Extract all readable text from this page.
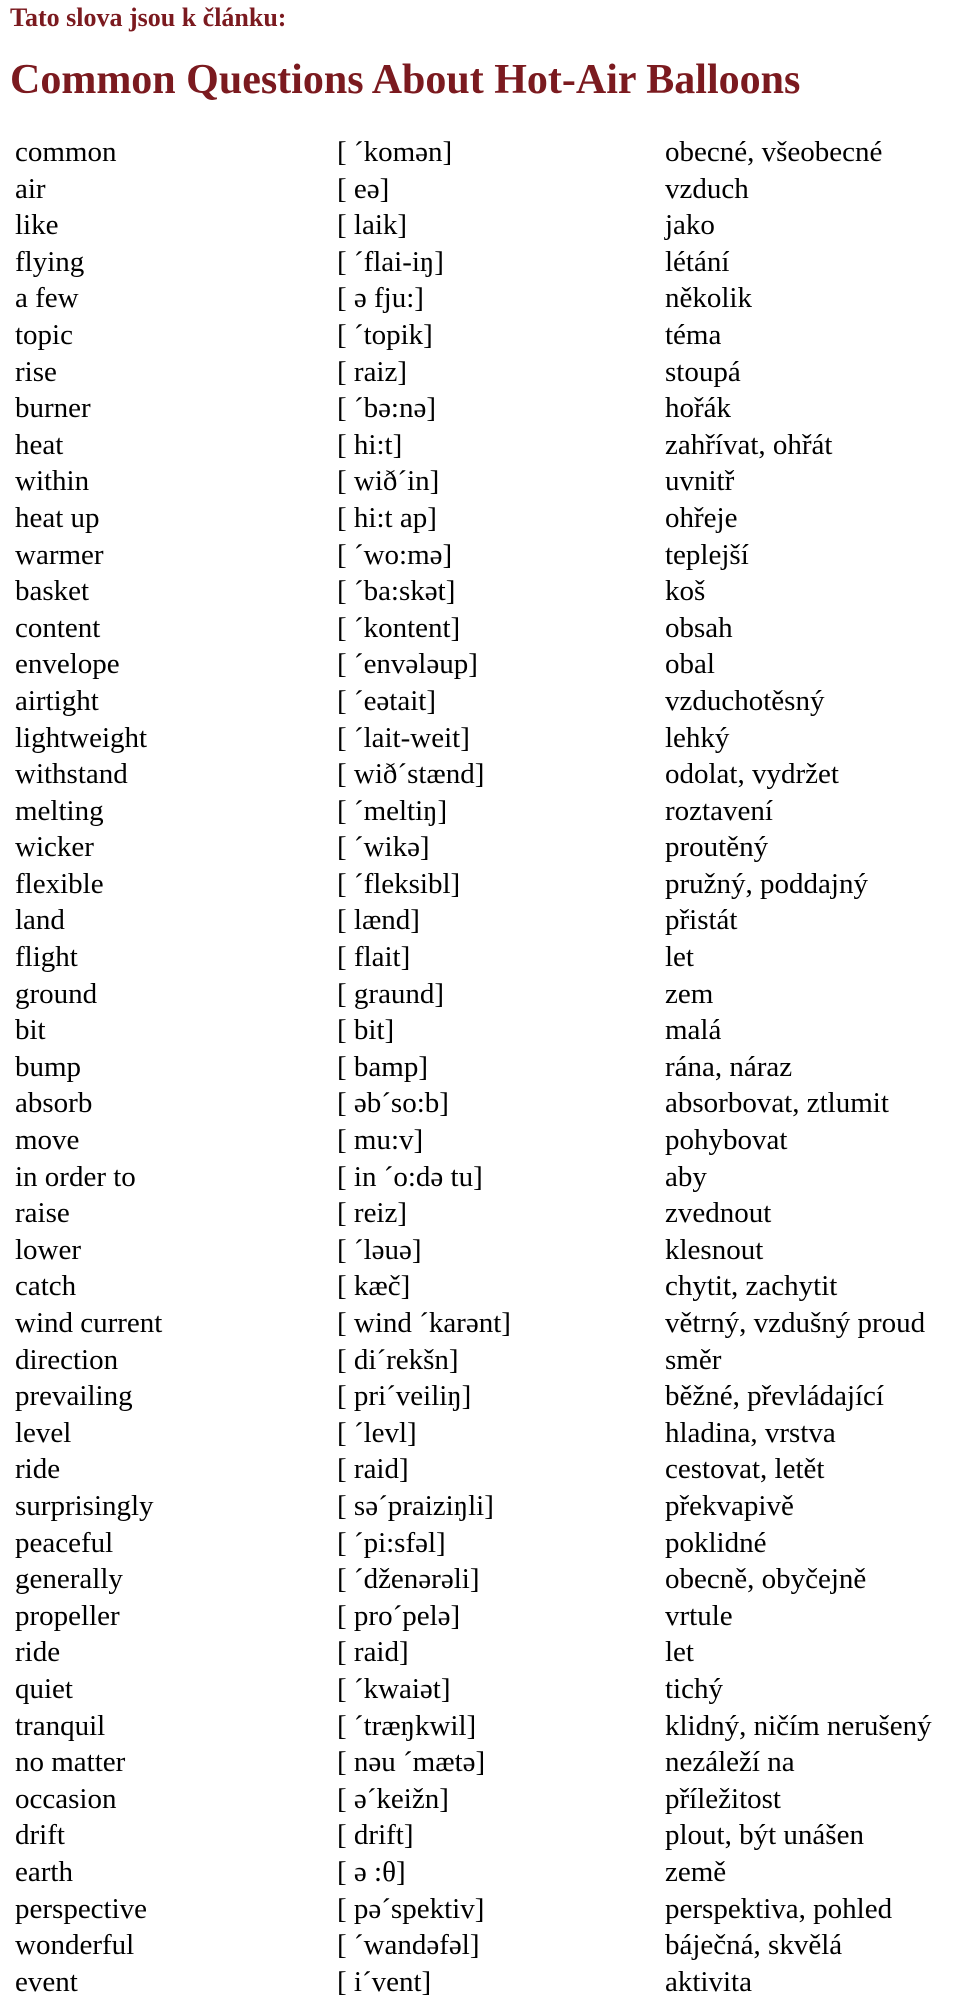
Tato slova jsou k článku:
Common Questions About Hot-Air Balloons
common	[ ´komən]	obecné, všeobecné
air	[ eə]	vzduch
like	[ laik]	jako
flying	[ ´flai-iŋ]	létání
a few	[ ə fju:]	několik
topic	[ ´topik]	téma
rise	[ raiz]	stoupá
burner	[ ´bə:nə]	hořák
heat	[ hi:t]	zahřívat, ohřát
within	[ wið´in]	uvnitř
heat up	[ hi:t ap]	ohřeje
warmer	[ ´wo:mə]	teplejší
basket	[ ´ba:skət]	koš
content	[ ´kontent]	obsah
envelope	[ ´envələup]	obal
airtight	[ ´eətait]	vzduchotěsný
lightweight	[ ´lait-weit]	lehký
withstand	[ wið´stænd]	odolat, vydržet
melting	[ ´meltiŋ]	roztavení
wicker	[ ´wikə]	proutěný
flexible	[ ´fleksibl]	pružný, poddajný
land	[ lænd]	přistát
flight	[ flait]	let
ground	[ graund]	zem
bit	[ bit]	malá
bump	[ bamp]	rána, náraz
absorb	[ əb´so:b]	absorbovat, ztlumit
move	[ mu:v]	pohybovat
in order to	[ in ´o:də tu]	aby
raise	[ reiz]	zvednout
lower	[ ´ləuə]	klesnout
catch	[ kæč]	chytit, zachytit
wind current	[ wind ´karənt]	větrný, vzdušný proud
direction	[ di´rekšn]	směr
prevailing	[ pri´veiliŋ]	běžné, převládající
level	[ ´levl]	hladina, vrstva
ride	[ raid]	cestovat, letět
surprisingly	[ sə´praiziŋli]	překvapivě
peaceful	[ ´pi:sfəl]	poklidné
generally	[ ´dženərəli]	obecně, obyčejně
propeller	[ pro´pelə]	vrtule
ride	[ raid]	let
quiet	[ ´kwaiət]	tichý
tranquil	[ ´træŋkwil]	klidný, ničím nerušený
no matter	[ nəu ´mætə]	nezáleží na
occasion	[ ə´keižn]	příležitost
drift	[ drift]	plout, být unášen
earth	[ ə :θ]	země
perspective	[ pə´spektiv]	perspektiva, pohled
wonderful	[ ´wandəfəl]	báječná, skvělá
event	[ i´vent]	aktivita
